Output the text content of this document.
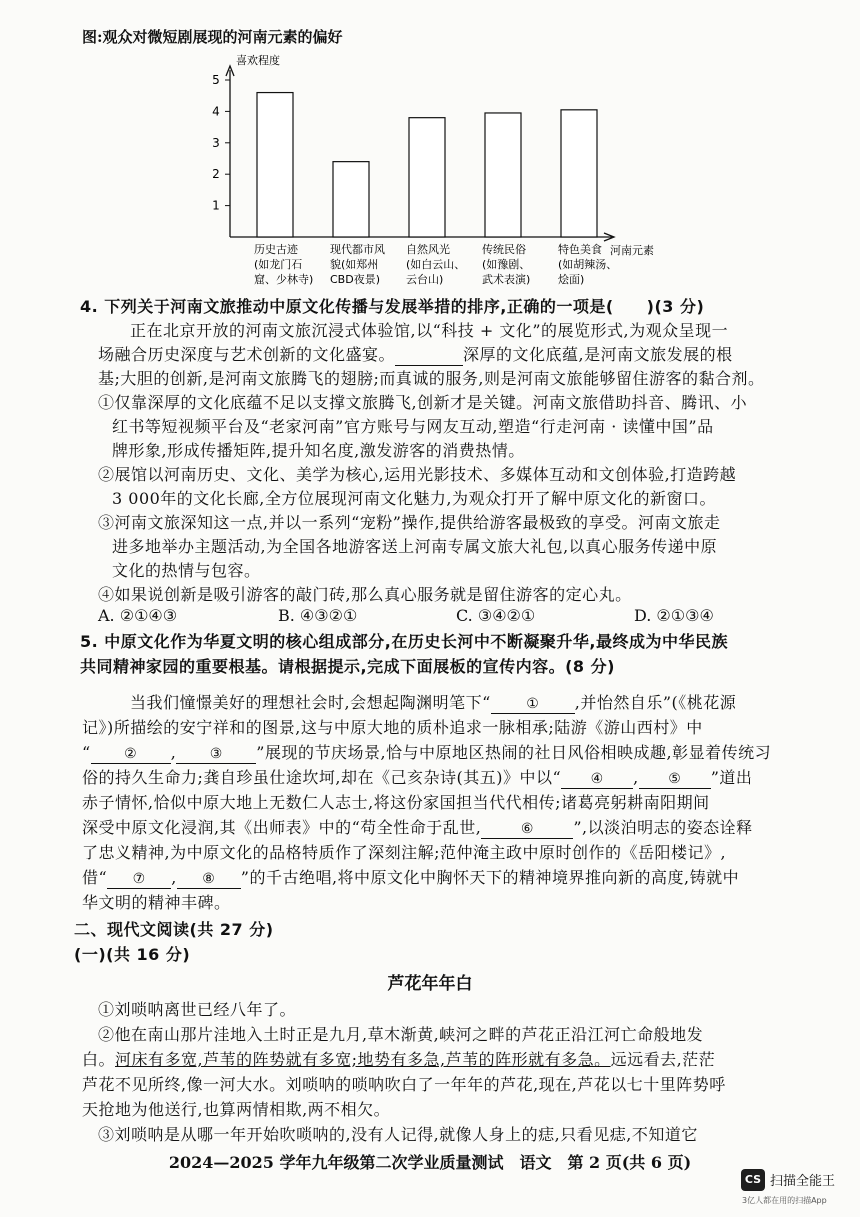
图:观众对微短剧展现的河南元素的偏好
喜欢程度
河南元素
1
2
3
4
5
历史古迹
(如龙门石
窟、少林寺)
现代都市风
貌(如郑州
CBD夜景)
自然风光
(如白云山、
云台山)
传统民俗
(如豫剧、
武术表演)
特色美食
(如胡辣汤、
烩面)
4. 下列关于河南文旅推动中原文化传播与发展举措的排序,正确的一项是(　　)(3 分)
正在北京开放的河南文旅沉浸式体验馆,以“科技 + 文化”的展览形式,为观众呈现一
场融合历史深度与艺术创新的文化盛宴。	深厚的文化底蕴,是河南文旅发展的根
基;大胆的创新,是河南文旅腾飞的翅膀;而真诚的服务,则是河南文旅能够留住游客的黏合剂。
①仅靠深厚的文化底蕴不足以支撑文旅腾飞,创新才是关键。河南文旅借助抖音、腾讯、小
红书等短视频平台及“老家河南”官方账号与网友互动,塑造“行走河南 · 读懂中国”品
牌形象,形成传播矩阵,提升知名度,激发游客的消费热情。
②展馆以河南历史、文化、美学为核心,运用光影技术、多媒体互动和文创体验,打造跨越
3 000年的文化长廊,全方位展现河南文化魅力,为观众打开了解中原文化的新窗口。
③河南文旅深知这一点,并以一系列“宠粉”操作,提供给游客最极致的享受。河南文旅走
进多地举办主题活动,为全国各地游客送上河南专属文旅大礼包,以真心服务传递中原
文化的热情与包容。
④如果说创新是吸引游客的敲门砖,那么真心服务就是留住游客的定心丸。
A. ②①④③	B. ④③②①	C. ③④②①	D. ②①③④
5. 中原文化作为华夏文明的核心组成部分,在历史长河中不断凝聚升华,最终成为中华民族
共同精神家园的重要根基。请根据提示,完成下面展板的宣传内容。(8 分)
当我们憧憬美好的理想社会时,会想起陶渊明笔下“	① ,并怡然自乐”(《桃花源
记》)所描绘的安宁祥和的图景,这与中原大地的质朴追求一脉相承;陆游《游山西村》中
“ ② , ③ ”展现的节庆场景,恰与中原地区热闹的社日风俗相映成趣,彰显着传统习
俗的持久生命力;龚自珍虽仕途坎坷,却在《己亥杂诗(其五)》中以“ ④ , ⑤ ”道出
赤子情怀,恰似中原大地上无数仁人志士,将这份家国担当代代相传;诸葛亮躬耕南阳期间
深受中原文化浸润,其《出师表》中的“苟全性命于乱世,	⑥ ”,以淡泊明志的姿态诠释
了忠义精神,为中原文化的品格特质作了深刻注解;范仲淹主政中原时创作的《岳阳楼记》,
借“ ⑦ , ⑧ ”的千古绝唱,将中原文化中胸怀天下的精神境界推向新的高度,铸就中
华文明的精神丰碑。
二、现代文阅读(共 27 分)
(一)(共 16 分)
芦花年年白
①刘唢呐离世已经八年了。
②他在南山那片洼地入土时正是九月,草木渐黄,峡河之畔的芦花正沿江河亡命般地发
白。河床有多宽,芦苇的阵势就有多宽;地势有多急,芦苇的阵形就有多急。远远看去,茫茫
芦花不见所终,像一河大水。刘唢呐的唢呐吹白了一年年的芦花,现在,芦花以七十里阵势呼
天抢地为他送行,也算两情相欺,两不相欠。
③刘唢呐是从哪一年开始吹唢呐的,没有人记得,就像人身上的痣,只看见痣,不知道它
2024—2025 学年九年级第二次学业质量测试　语文　第 2 页(共 6 页)
CS 扫描全能王
3亿人都在用的扫描App
